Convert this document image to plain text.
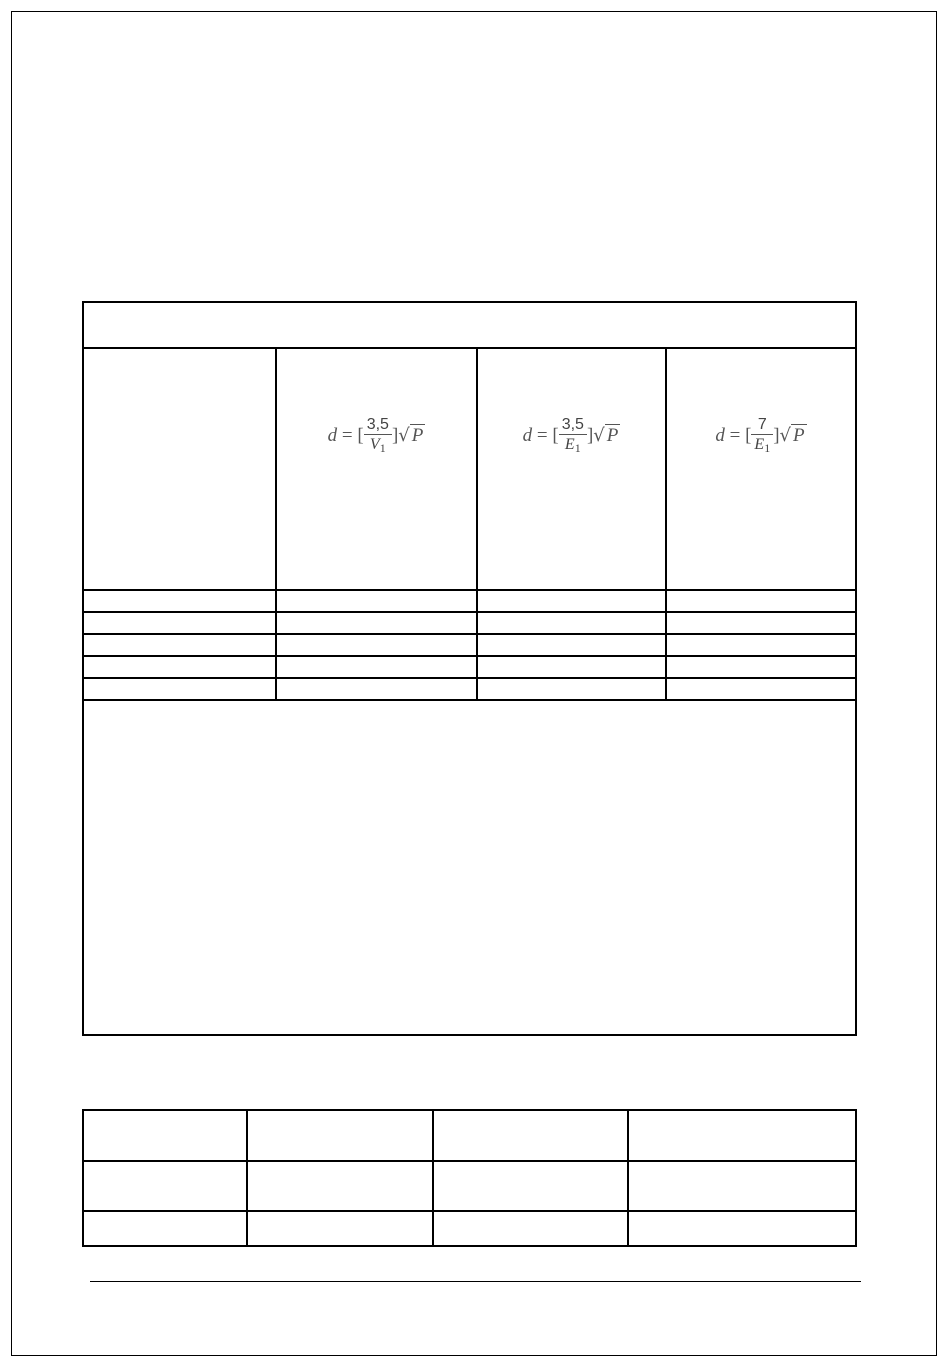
	d = [ $\frac{3,5}{V_1}$ ]√ P	d = [ $\frac{3,5}{E_1}$ ]√ P	d = [ $\frac{7}{E_1}$ ]√ P
